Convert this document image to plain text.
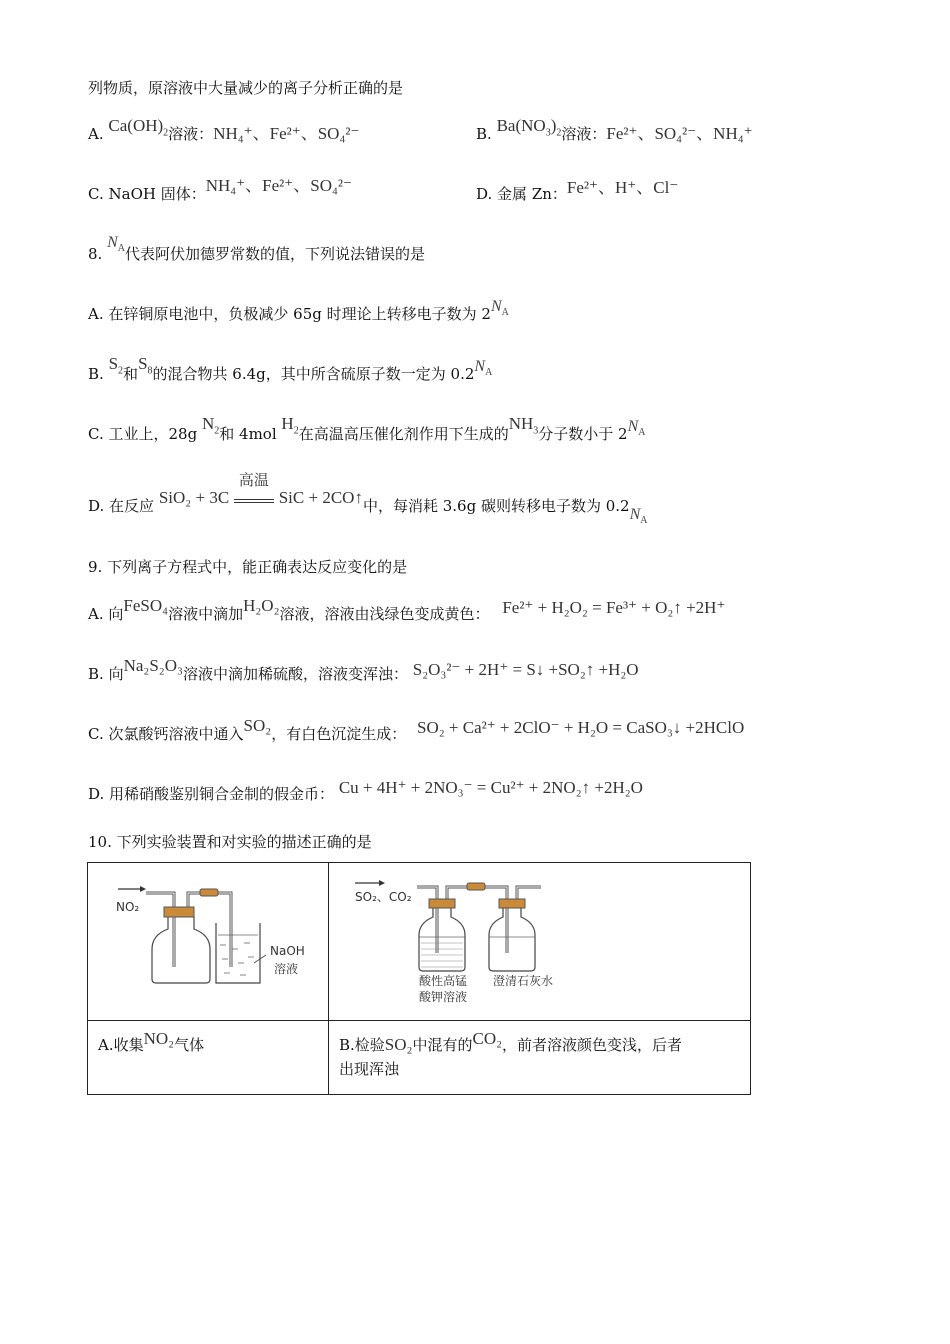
列物质，原溶液中大量减少的离子分析正确的是
A. $Ca(OH)_2$溶液：NH₄⁺、Fe²⁺、SO₄²⁻	B. $Ba(NO_3)_2$溶液：Fe²⁺、SO₄²⁻、NH₄⁺
C. NaOH 固体：NH₄⁺、Fe²⁺、SO₄²⁻	D. 金属 Zn：Fe²⁺、H⁺、Cl⁻
8. $N_A$代表阿伏加德罗常数的值，下列说法错误的是
A. 在锌铜原电池中，负极减少 65g 时理论上转移电子数为 $2N_A$
B. $S_2$和$S_8$的混合物共 6.4g，其中所含硫原子数一定为 $0.2N_A$
C. 工业上，28g $N_2$和 4mol $H_2$在高温高压催化剂作用下生成的$NH_3$分子数小于 $2N_A$
D. 在反应 SiO₂ + 3C
高温
SiC + 2CO↑中，每消耗 3.6g 碳则转移电子数为 $0.2N_A$
9. 下列离子方程式中，能正确表达反应变化的是
A. 向FeSO₄溶液中滴加H₂O₂溶液，溶液由浅绿色变成黄色： Fe²⁺ + H₂O₂ = Fe³⁺ + O₂↑ +2H⁺
B. 向Na₂S₂O₃溶液中滴加稀硫酸，溶液变浑浊： S₂O₃²⁻ + 2H⁺ = S↓ +SO₂↑ +H₂O
C. 次氯酸钙溶液中通入SO₂，有白色沉淀生成： SO₂ + Ca²⁺ + 2ClO⁻ + H₂O = CaSO₃↓ +2HClO
D. 用稀硝酸鉴别铜合金制的假金币： Cu + 4H⁺ + 2NO₃⁻ = Cu²⁺ + 2NO₂↑ +2H₂O
10. 下列实验装置和对实验的描述正确的是
NO₂
NaOH
溶液	SO₂、CO₂
酸性高锰
酸钾溶液
澄清石灰水

A.收集NO₂气体	B.检验SO₂中混有的CO₂，前者溶液颜色变浅，后者
出现浑浊
